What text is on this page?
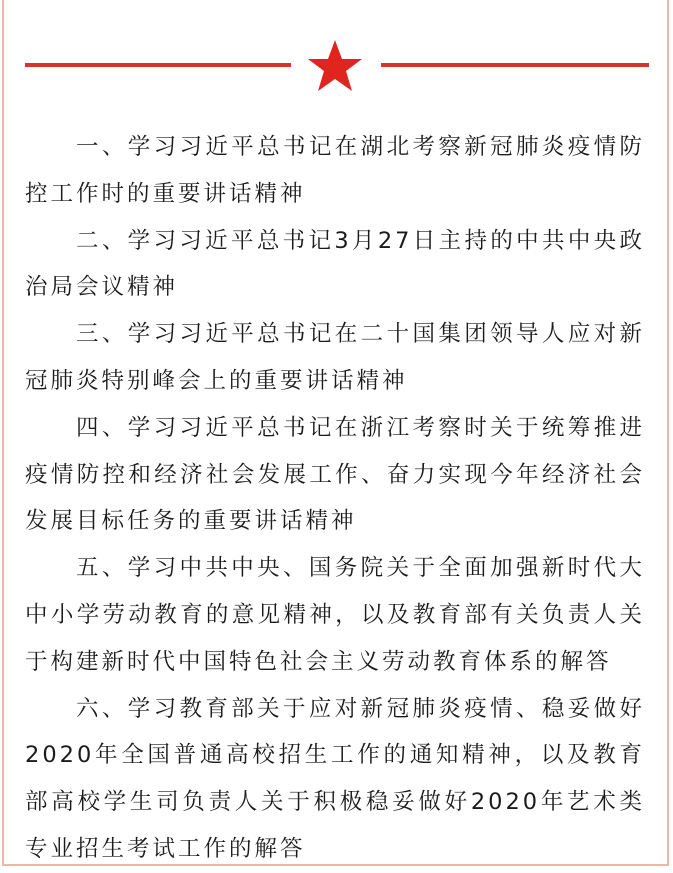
一、学习习近平总书记在湖北考察新冠肺炎疫情防控工作时的重要讲话精神

二、学习习近平总书记3月27日主持的中共中央政治局会议精神

三、学习习近平总书记在二十国集团领导人应对新冠肺炎特别峰会上的重要讲话精神

四、学习习近平总书记在浙江考察时关于统筹推进疫情防控和经济社会发展工作、奋力实现今年经济社会发展目标任务的重要讲话精神

五、学习中共中央、国务院关于全面加强新时代大中小学劳动教育的意见精神，以及教育部有关负责人关于构建新时代中国特色社会主义劳动教育体系的解答

六、学习教育部关于应对新冠肺炎疫情、稳妥做好2020年全国普通高校招生工作的通知精神，以及教育部高校学生司负责人关于积极稳妥做好2020年艺术类专业招生考试工作的解答
